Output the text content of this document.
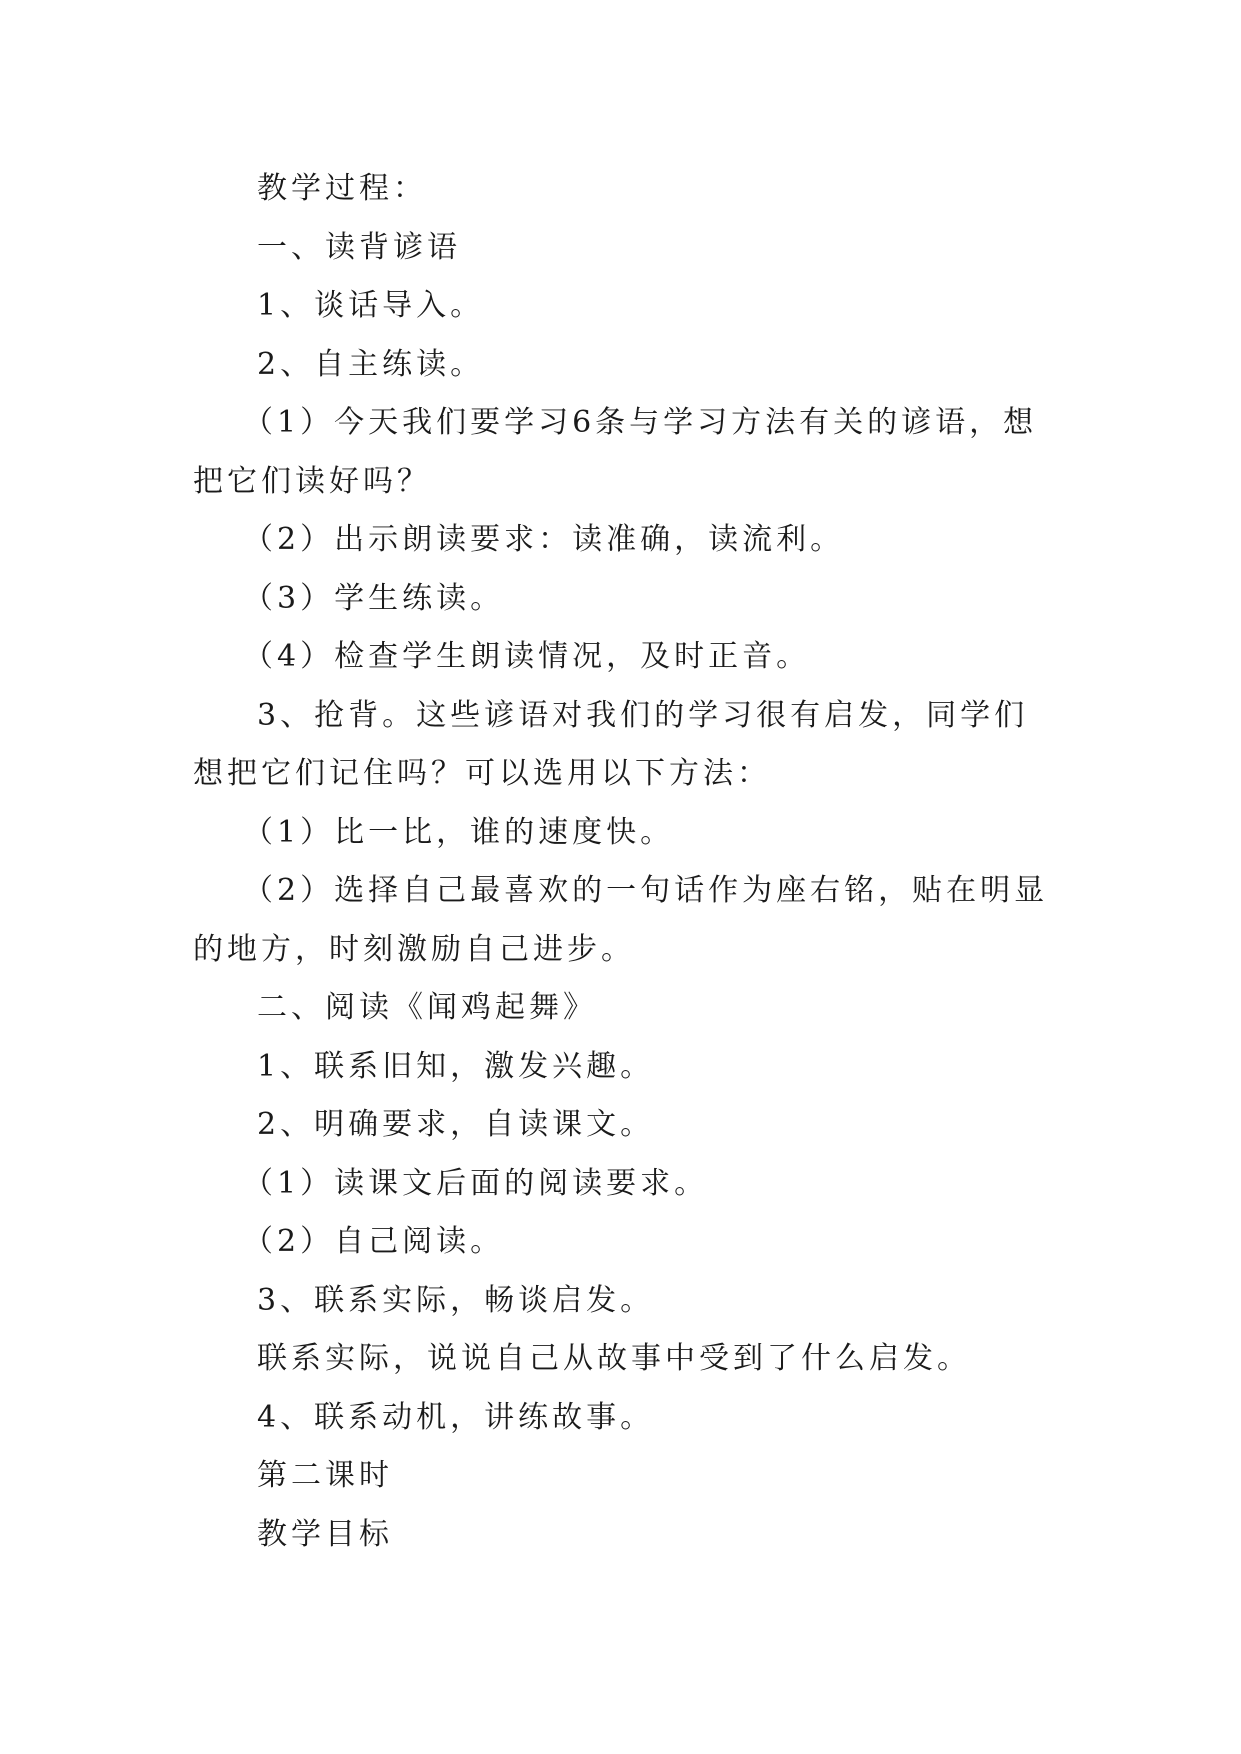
教学过程：

一、读背谚语

1、谈话导入。

2、自主练读。

（1）今天我们要学习6条与学习方法有关的谚语，想把它们读好吗？

（2）出示朗读要求：读准确，读流利。

（3）学生练读。

（4）检查学生朗读情况，及时正音。

3、抢背。这些谚语对我们的学习很有启发，同学们想把它们记住吗？可以选用以下方法：

（1）比一比，谁的速度快。

（2）选择自己最喜欢的一句话作为座右铭，贴在明显的地方，时刻激励自己进步。

二、阅读《闻鸡起舞》

1、联系旧知，激发兴趣。

2、明确要求，自读课文。

（1）读课文后面的阅读要求。

（2）自己阅读。

3、联系实际，畅谈启发。

联系实际，说说自己从故事中受到了什么启发。

4、联系动机，讲练故事。

第二课时

教学目标
